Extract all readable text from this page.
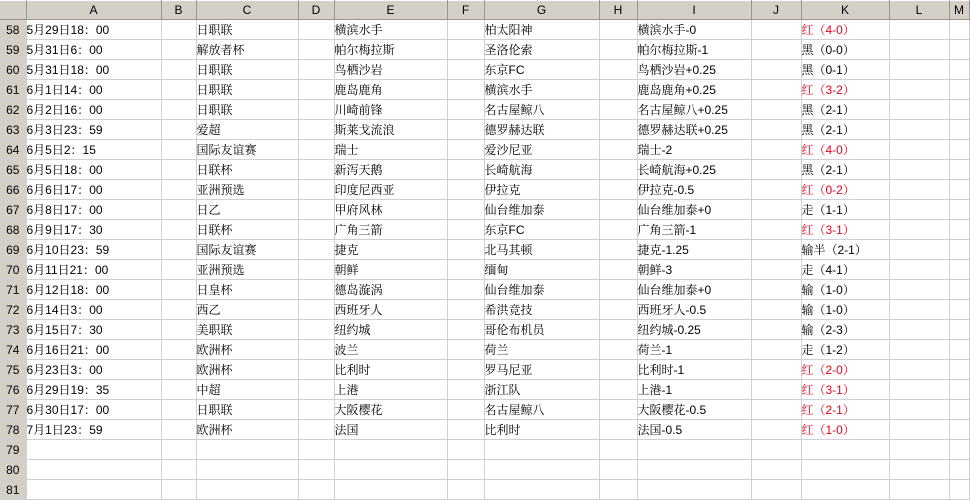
	A	B	C	D	E	F	G	H	I	J	K	L	M
58	5月29日18：00		日职联		横滨水手		柏太阳神		横滨水手-0		红（4-0）		
59	5月31日6：00		解放者杯		帕尔梅拉斯		圣洛伦索		帕尔梅拉斯-1		黑（0-0）		
60	5月31日18：00		日职联		鸟栖沙岩		东京FC		鸟栖沙岩+0.25		黑（0-1）		
61	6月1日14：00		日职联		鹿岛鹿角		横滨水手		鹿岛鹿角+0.25		红（3-2）		
62	6月2日16：00		日职联		川崎前锋		名古屋鲸八		名古屋鲸八+0.25		黑（2-1）		
63	6月3日23：59		爱超		斯莱戈流浪		德罗赫达联		德罗赫达联+0.25		黑（2-1）		
64	6月5日2：15		国际友谊赛		瑞士		爱沙尼亚		瑞士-2		红（4-0）		
65	6月5日18：00		日联杯		新泻天鹅		长崎航海		长崎航海+0.25		黑（2-1）		
66	6月6日17：00		亚洲预选		印度尼西亚		伊拉克		伊拉克-0.5		红（0-2）		
67	6月8日17：00		日乙		甲府风林		仙台维加泰		仙台维加泰+0		走（1-1）		
68	6月9日17：30		日联杯		广角三箭		东京FC		广角三箭-1		红（3-1）		
69	6月10日23：59		国际友谊赛		捷克		北马其顿		捷克-1.25		输半（2-1）		
70	6月11日21：00		亚洲预选		朝鲜		缅甸		朝鲜-3		走（4-1）		
71	6月12日18：00		日皇杯		德岛漩涡		仙台维加泰		仙台维加泰+0		输（1-0）		
72	6月14日3：00		西乙		西班牙人		希洪竞技		西班牙人-0.5		输（1-0）		
73	6月15日7：30		美职联		纽约城		哥伦布机员		纽约城-0.25		输（2-3）		
74	6月16日21：00		欧洲杯		波兰		荷兰		荷兰-1		走（1-2）		
75	6月23日3：00		欧洲杯		比利时		罗马尼亚		比利时-1		红（2-0）		
76	6月29日19：35		中超		上港		浙江队		上港-1		红（3-1）		
77	6月30日17：00		日职联		大阪樱花		名古屋鲸八		大阪樱花-0.5		红（2-1）		
78	7月1日23：59		欧洲杯		法国		比利时		法国-0.5		红（1-0）		
79													
80													
81													
